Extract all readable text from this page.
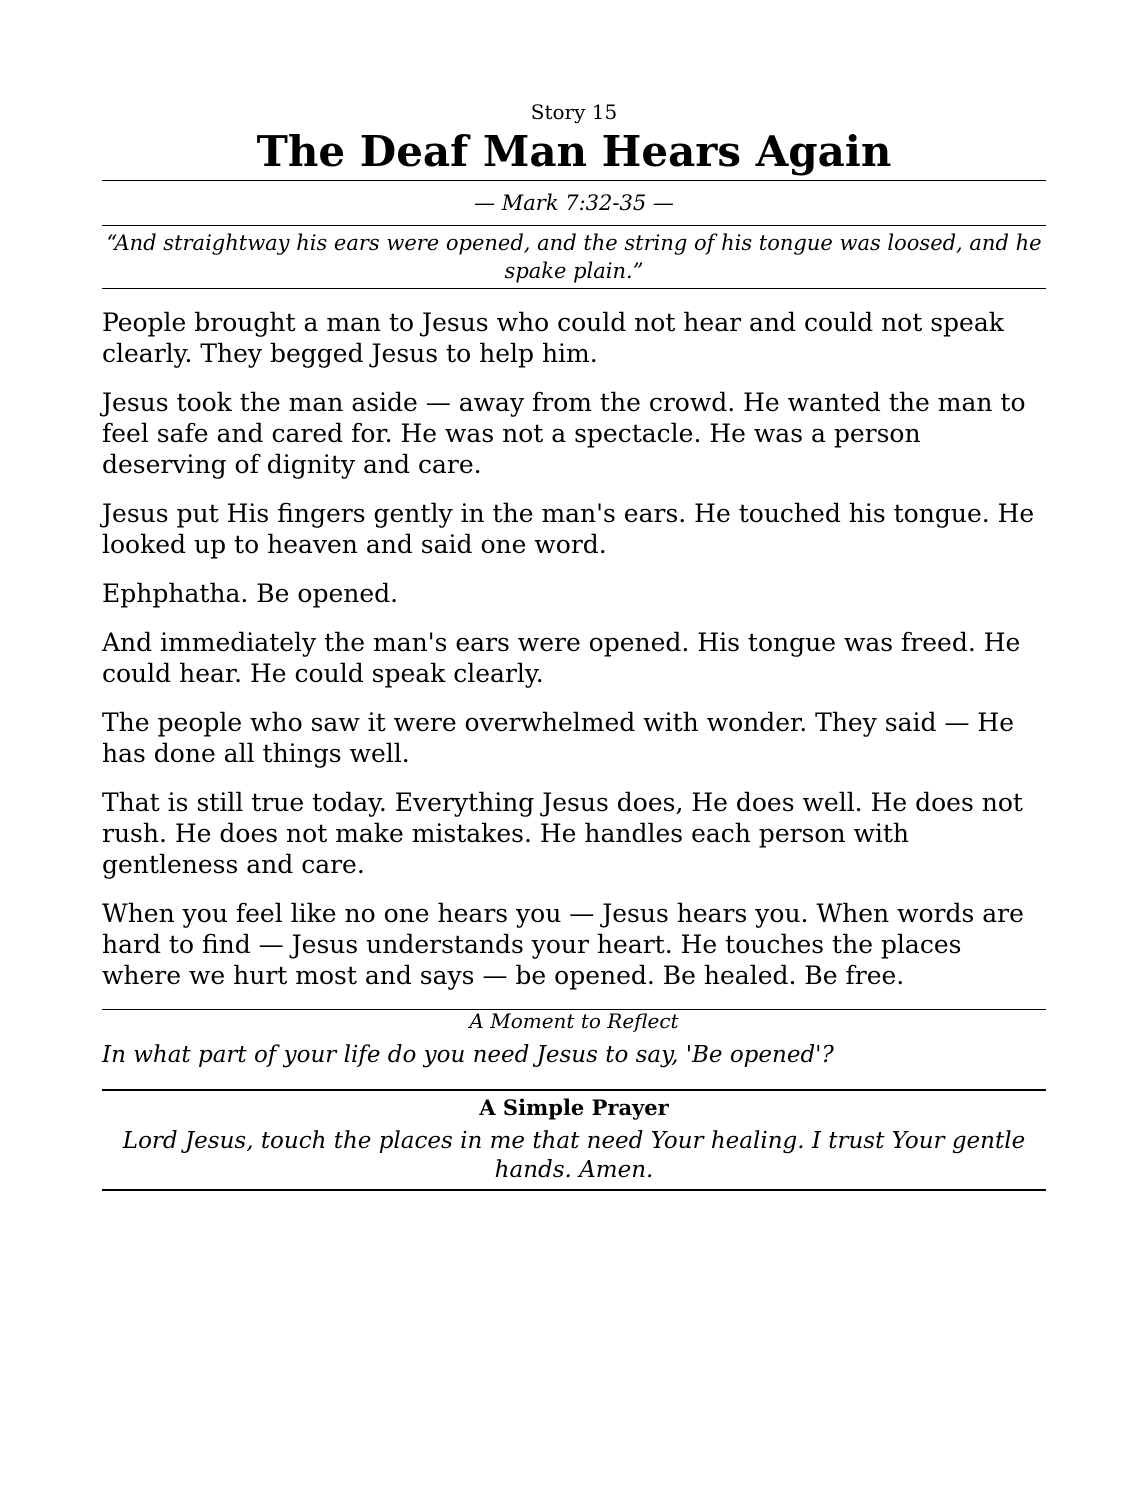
Story 15

The Deaf Man Hears Again

— Mark 7:32-35 —

“And straightway his ears were opened, and the string of his tongue was loosed, and he spake plain.”

People brought a man to Jesus who could not hear and could not speak clearly. They begged Jesus to help him.

Jesus took the man aside — away from the crowd. He wanted the man to feel safe and cared for. He was not a spectacle. He was a person deserving of dignity and care.

Jesus put His fingers gently in the man's ears. He touched his tongue. He looked up to heaven and said one word.

Ephphatha. Be opened.

And immediately the man's ears were opened. His tongue was freed. He could hear. He could speak clearly.

The people who saw it were overwhelmed with wonder. They said — He has done all things well.

That is still true today. Everything Jesus does, He does well. He does not rush. He does not make mistakes. He handles each person with gentleness and care.

When you feel like no one hears you — Jesus hears you. When words are hard to find — Jesus understands your heart. He touches the places where we hurt most and says — be opened. Be healed. Be free.

A Moment to Reflect

In what part of your life do you need Jesus to say, 'Be opened'?

A Simple Prayer

Lord Jesus, touch the places in me that need Your healing. I trust Your gentle hands. Amen.
